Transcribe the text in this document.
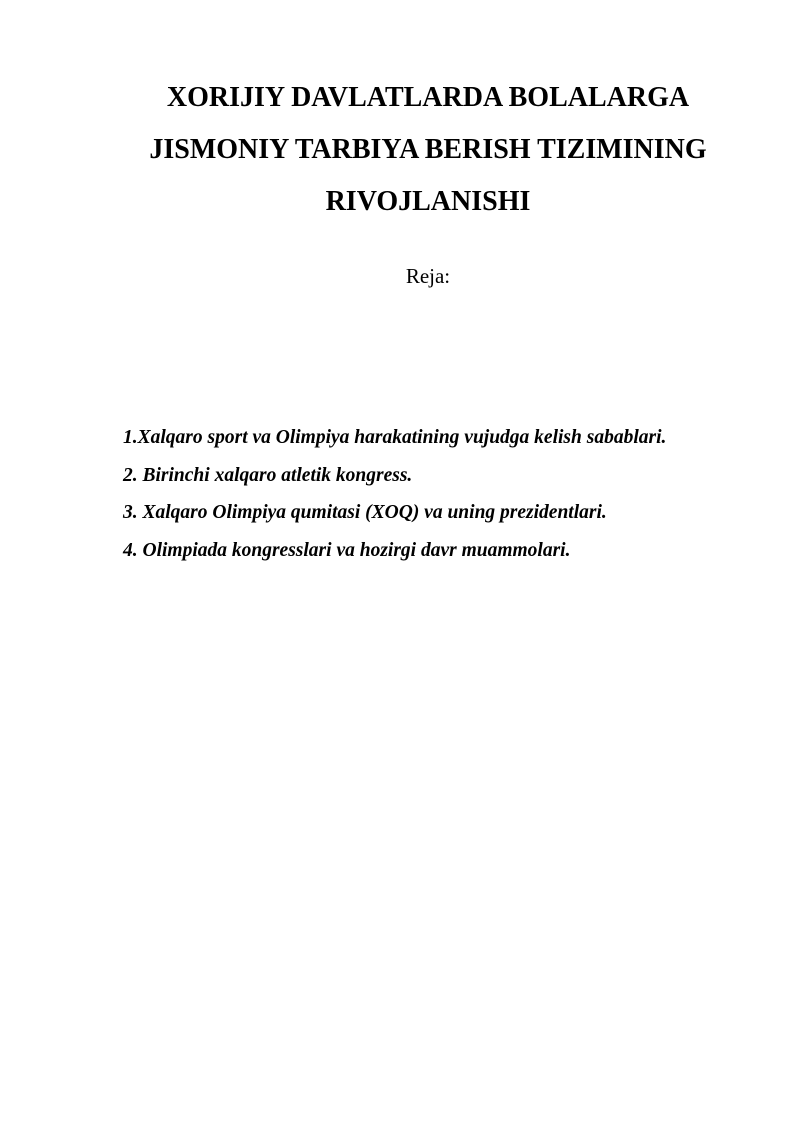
XORIJIY DAVLATLARDA BOLALARGA
JISMONIY TARBIYA BERISH TIZIMINING
RIVOJLANISHI
Reja:
1.Xalqaro sport va Olimpiya harakatining vujudga kelish sabablari.
2. Birinchi xalqaro atletik kongress.
3. Xalqaro Olimpiya qumitasi (XOQ) va uning prezidentlari.
4. Olimpiada kongresslari va hozirgi davr muammolari.
